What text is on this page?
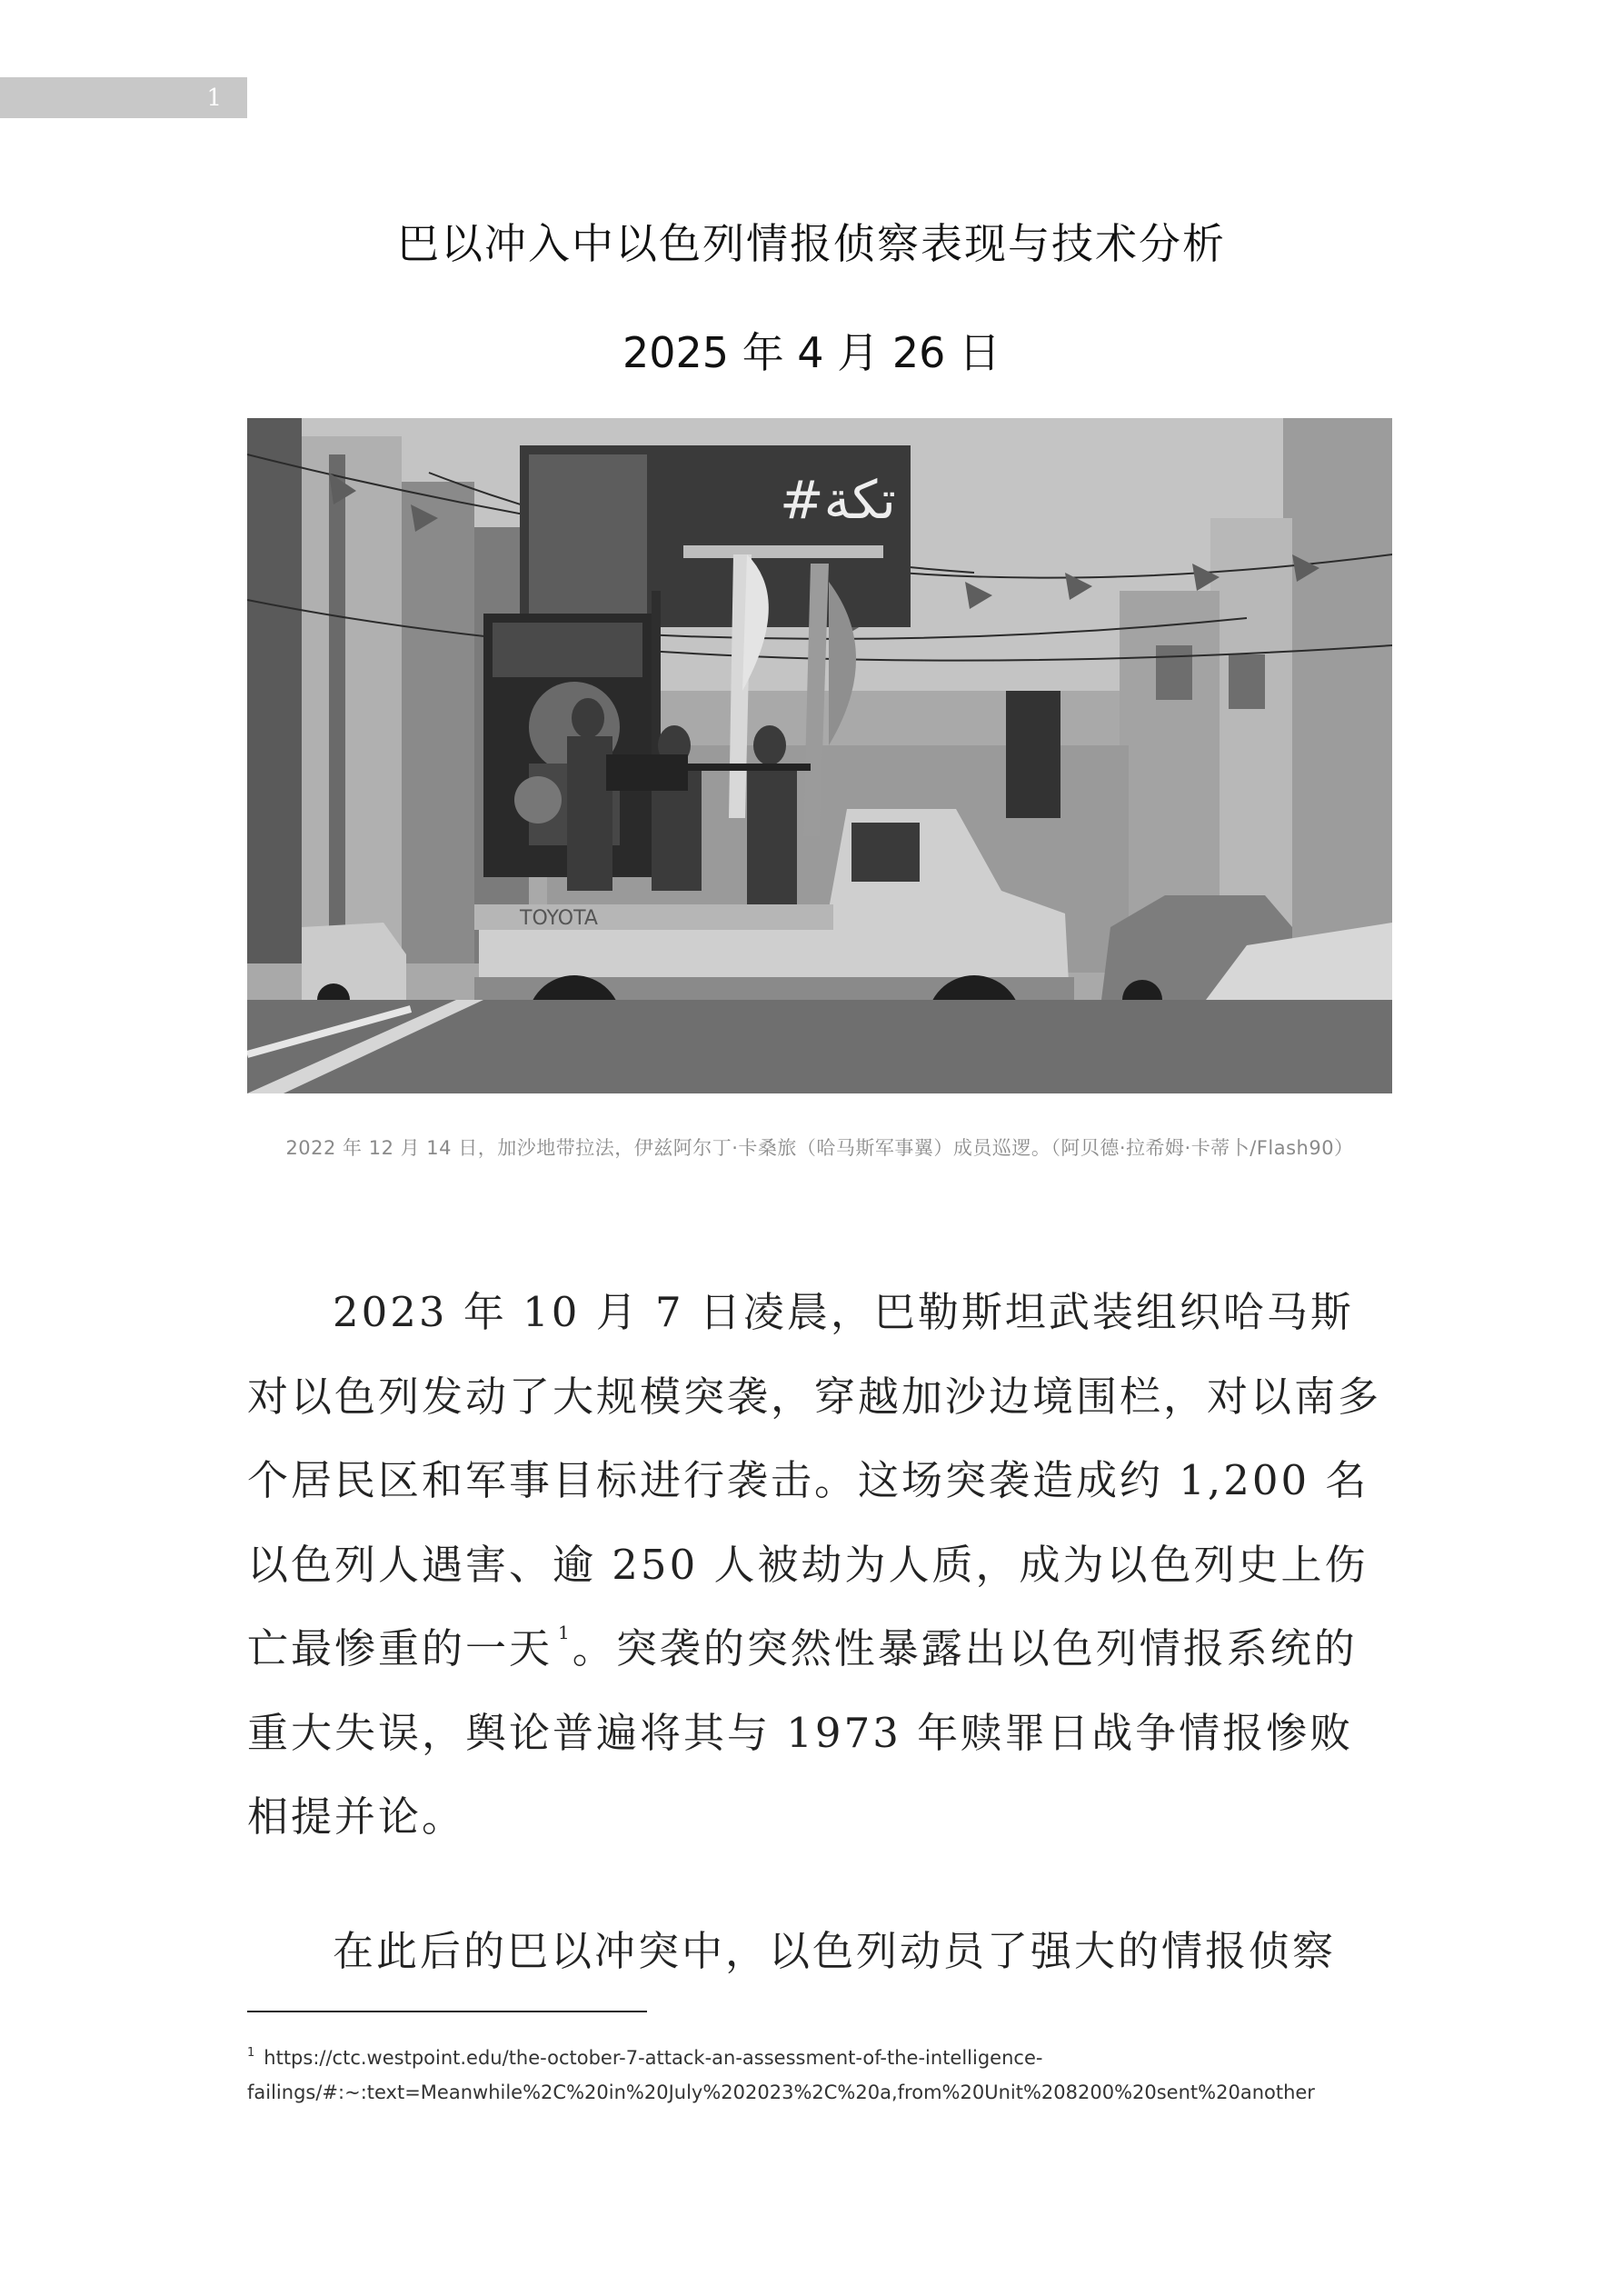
1
巴以冲入中以色列情报侦察表现与技术分析
2025 年 4 月 26 日
#تكة
TOYOTA
2022 年 12 月 14 日，加沙地带拉法，伊兹阿尔丁·卡桑旅（哈马斯军事翼）成员巡逻。（阿贝德·拉希姆·卡蒂卜/Flash90）
2023 年 10 月 7 日凌晨，巴勒斯坦武装组织哈马斯对以色列发动了大规模突袭，穿越加沙边境围栏，对以南多个居民区和军事目标进行袭击。这场突袭造成约 1,200 名以色列人遇害、逾 250 人被劫为人质，成为以色列史上伤亡最惨重的一天 $^1$。突袭的突然性暴露出以色列情报系统的重大失误，舆论普遍将其与 1973 年赎罪日战争情报惨败相提并论。
在此后的巴以冲突中，以色列动员了强大的情报侦察
$^1$ https://ctc.westpoint.edu/the-october-7-attack-an-assessment-of-the-intelligence-
failings/#:~:text=Meanwhile%2C%20in%20July%202023%2C%20a,from%20Unit%208200%20sent%20another
